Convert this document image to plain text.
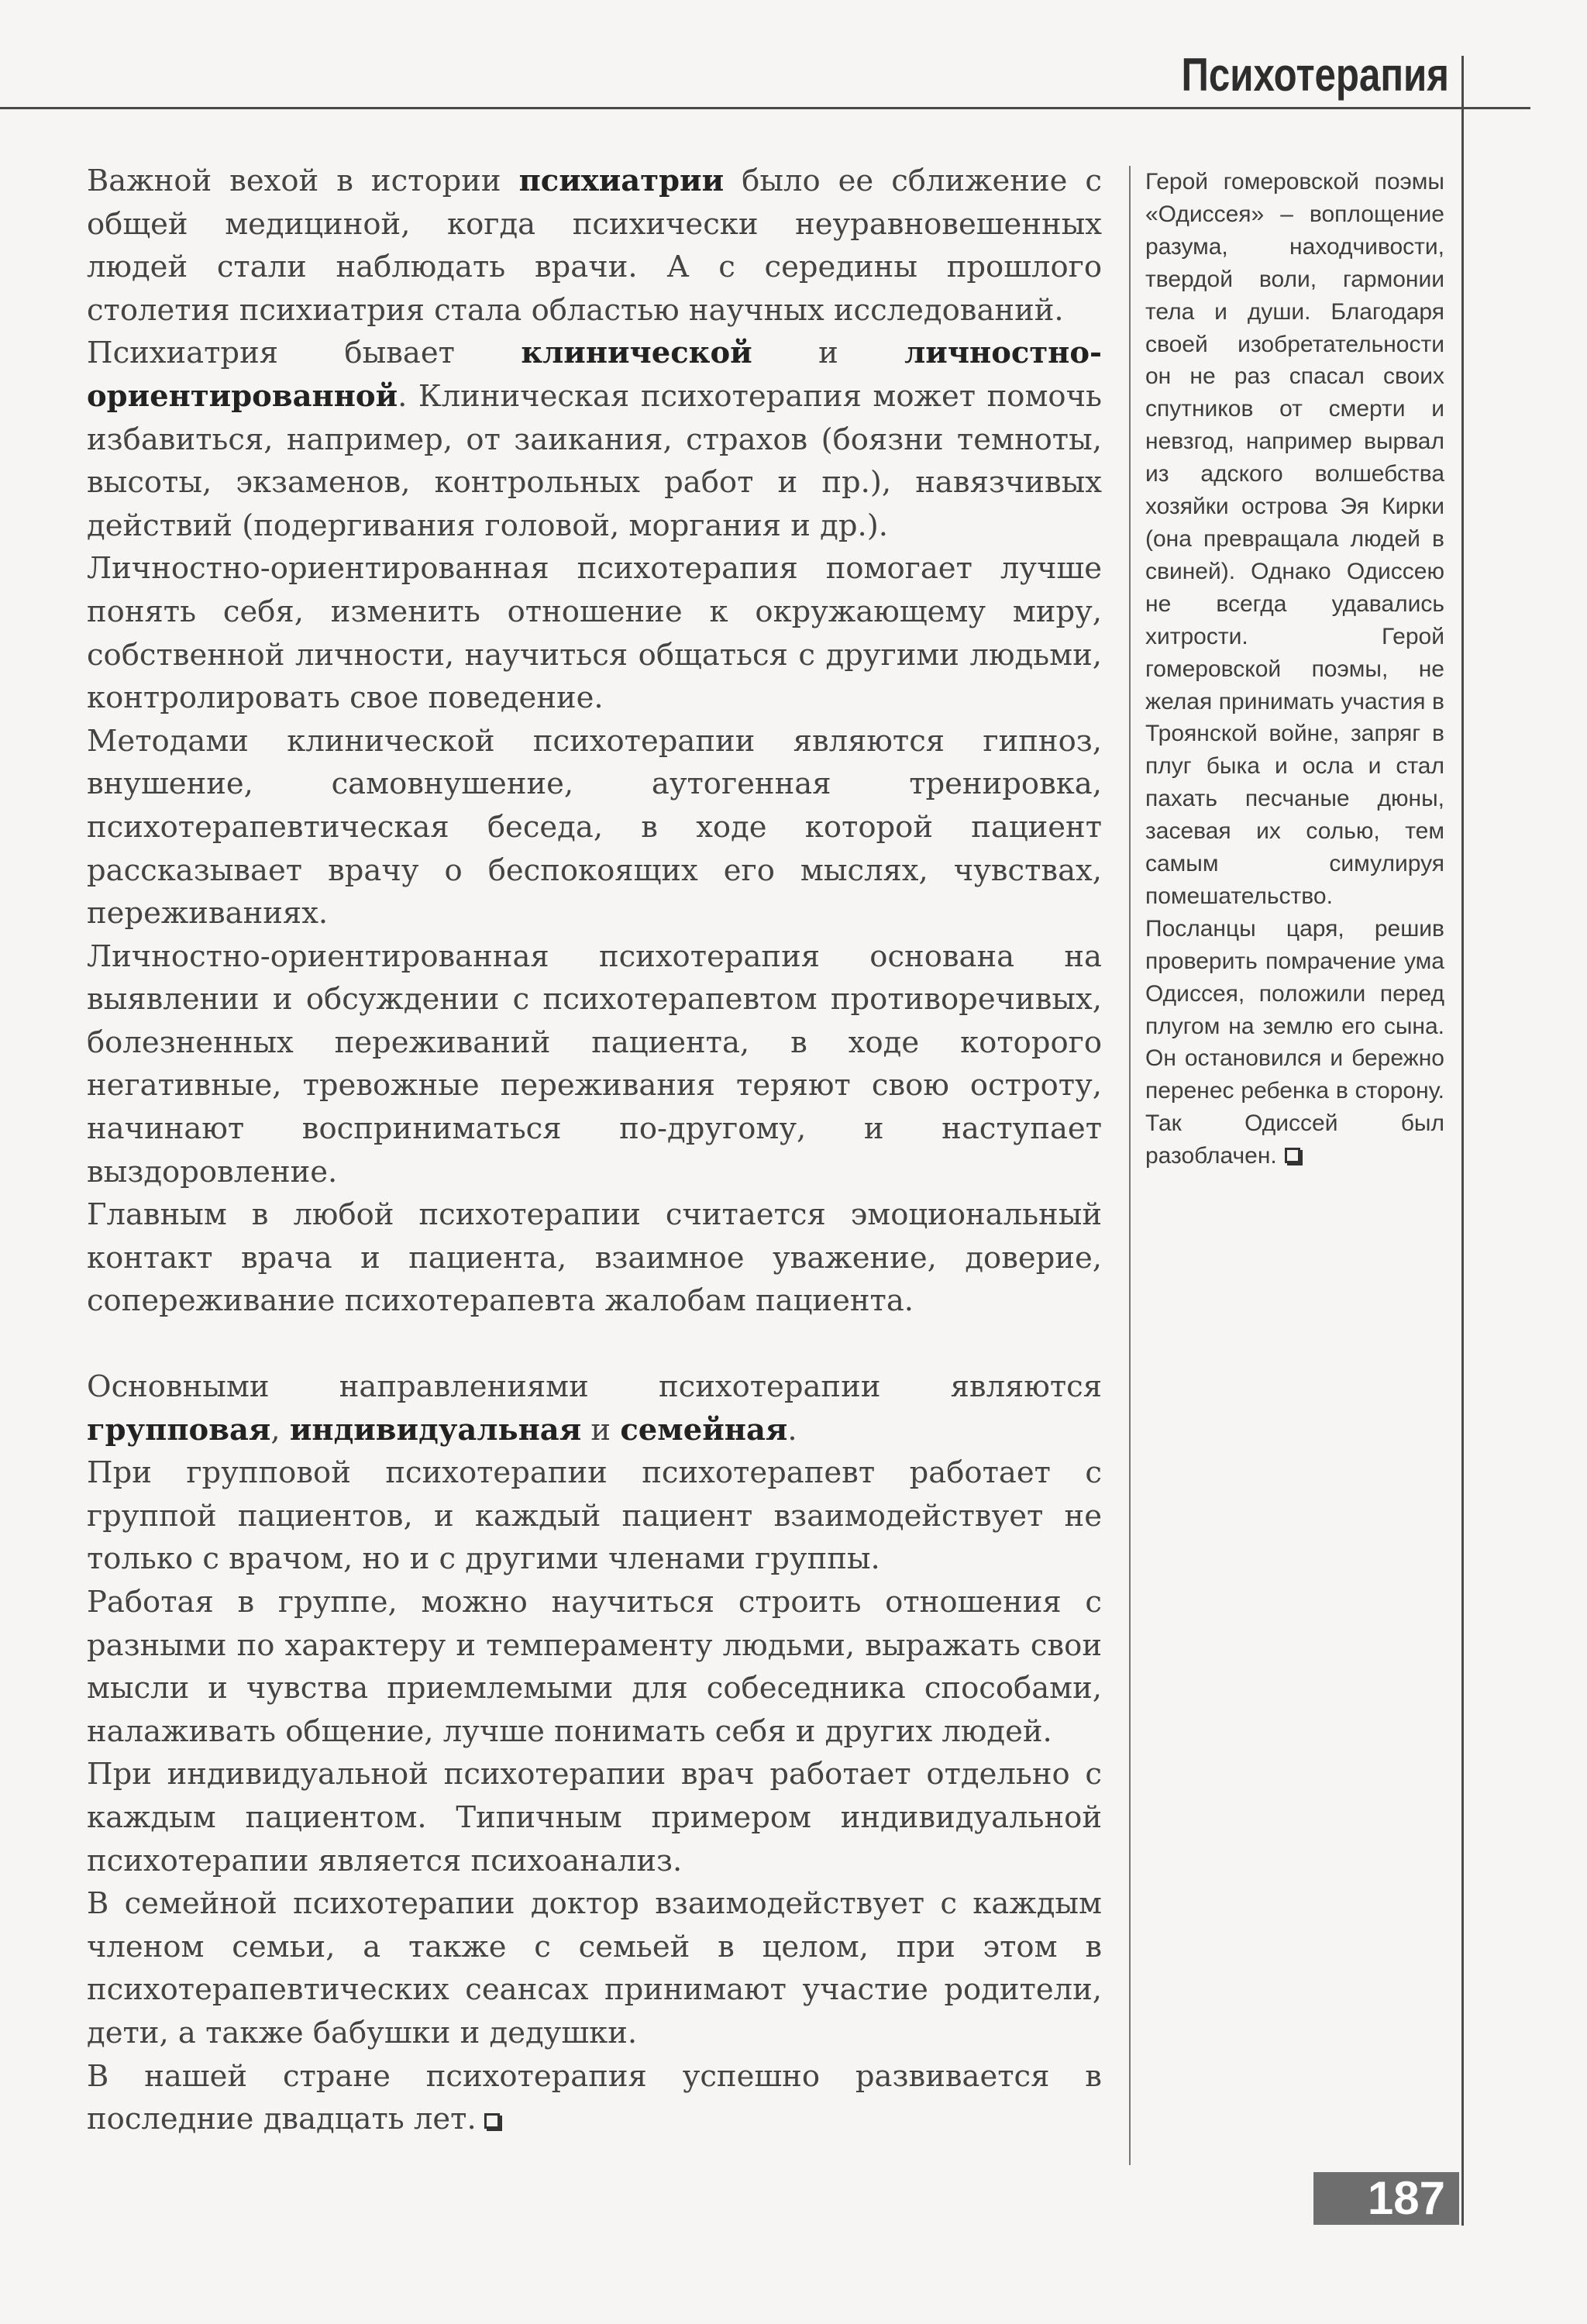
Психотерапия

Важной вехой в истории психиатрии было ее сближение с общей медициной, когда психически неуравновешенных людей стали наблюдать врачи. А с середины прошлого столетия психиатрия стала областью научных исследований.

Психиатрия бывает клинической и личностно-ориентированной. Клиническая психотерапия может помочь избавиться, например, от заикания, страхов (боязни темноты, высоты, экзаменов, контрольных работ и пр.), навязчивых действий (подергивания головой, моргания и др.).

Личностно-ориентированная психотерапия помогает лучше понять себя, изменить отношение к окружающему миру, собственной личности, научиться общаться с другими людьми, контролировать свое поведение.

Методами клинической психотерапии являются гипноз, внушение, самовнушение, аутогенная тренировка, психотерапевтическая беседа, в ходе которой пациент рассказывает врачу о беспокоящих его мыслях, чувствах, переживаниях.

Личностно-ориентированная психотерапия основана на выявлении и обсуждении с психотерапевтом противоречивых, болезненных переживаний пациента, в ходе которого негативные, тревожные переживания теряют свою остроту, начинают восприниматься по-другому, и наступает выздоровление.

Главным в любой психотерапии считается эмоциональный контакт врача и пациента, взаимное уважение, доверие, сопереживание психотерапевта жалобам пациента.

Основными направлениями психотерапии являются групповая, индивидуальная и семейная.

При групповой психотерапии психотерапевт работает с группой пациентов, и каждый пациент взаимодействует не только с врачом, но и с другими членами группы.

Работая в группе, можно научиться строить отношения с разными по характеру и темпераменту людьми, выражать свои мысли и чувства приемлемыми для собеседника способами, налаживать общение, лучше понимать себя и других людей.

При индивидуальной психотерапии врач работает отдельно с каждым пациентом. Типичным примером индивидуальной психотерапии является психоанализ.

В семейной психотерапии доктор взаимодействует с каждым членом семьи, а также с семьей в целом, при этом в психотерапевтических сеансах принимают участие родители, дети, а также бабушки и дедушки.

В нашей стране психотерапия успешно развивается в последние двадцать лет.

Герой гомеровской поэмы «Одиссея» – воплощение разума, находчивости, твердой воли, гармонии тела и души. Благодаря своей изобретательности он не раз спасал своих спутников от смерти и невзгод, например вырвал из адского волшебства хозяйки острова Эя Кирки (она превращала людей в свиней). Однако Одиссею не всегда удавались хитрости. Герой гомеровской поэмы, не желая принимать участия в Троянской войне, запряг в плуг быка и осла и стал пахать песчаные дюны, засевая их солью, тем самым симулируя помешательство. Посланцы царя, решив проверить помрачение ума Одиссея, положили перед плугом на землю его сына. Он остановился и бережно перенес ребенка в сторону. Так Одиссей был разоблачен.

187
